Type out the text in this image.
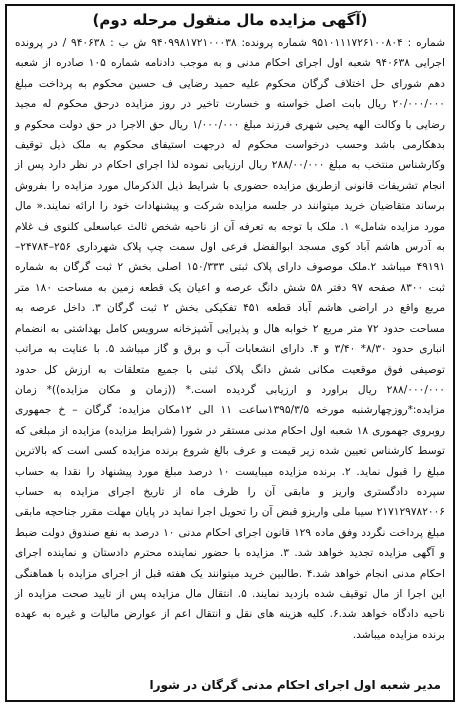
(آگهی مزایده مال منقول مرحله دوم)

شماره : ۹۵۱۰۱۱۱۷۲۶۱۰۰۸۰۴ شماره پرونده: ۹۴۰۹۹۸۱۷۲۱۰۰۰۳۸ ش ب : ۹۴۰۶۳۸ / در پرونده اجرایی ۹۴۰۶۳۸ شعبه اول اجرای احکام مدنی و به موجب دادنامه شماره ۱۰۵ صادره از شعبه دهم شورای حل اختلاف گرگان محکوم علیه حمید رضایی ف حسین محکوم به پرداخت مبلغ ۲۰/۰۰۰/۰۰۰ ریال بابت اصل خواسته و خسارت تاخیر در روز مزایده درحق محکوم له مجید رضایی با وکالت الهه یحیی شهری فرزند مبلغ ۱/۰۰۰/۰۰۰ ریال حق الاجرا در حق دولت محکوم و بدهکارمی باشد وحسب درخواست محکوم له درجهت استیفای محکوم به ملک ذیل توقیف وکارشناس منتخب به مبلغ ۲۸۸/۰۰/۰۰۰ ریال ارزیابی نموده لذا اجرای احکام در نظر دارد پس از انجام تشریفات قانونی ازطریق مزایده حضوری با شرایط ذیل الذکرمال مورد مزایده را بفروش برساند متقاضیان خرید میتوانند در جلسه مزایده شرکت و پیشنهادات خود را ارائه نمایند.« مال مورد مزایده شامل» ۱. ملک با توجه به تعرفه آن از ناحیه شخص ثالث عباسعلی کلنوی ف غلام به آدرس هاشم آباد کوی مسجد ابوالفضل فرعی اول سمت چپ پلاک شهرداری ۲۵۶–۲۴۷۸۴–۴۹۱۹۱ میباشد ۲.ملک موصوف دارای پلاک ثبتی ۱۵۰/۳۳۳ اصلی بخش ۲ ثبت گرگان به شماره ثبت ۸۳۰۰ صفحه ۹۷ دفتر ۵۸ شش دانگ عرصه و اعیان یک قطعه زمین به مساحت ۱۸۰ متر مربع واقع در اراضی هاشم آباد قطعه ۴۵۱ تفکیکی بخش ۲ ثبت گرگان ۳. داخل عرصه به مساحت حدود ۷۲ متر مربع ۲ خوابه هال و پذیرایی آشپزخانه سرویس کامل بهداشتی به انضمام انباری حدود ۸/۳۰* ۳/۴۰ و ۴. دارای انشعابات آب و برق و گاز میباشد ۵. با عنایت به مراتب توصیفی فوق موقعیت مکانی شش دانگ پلاک ثبتی با جمیع متعلقات به ارزش کل حدود ۲۸۸/۰۰۰/۰۰۰ ریال براورد و ارزیابی گردیده است.* ((زمان و مکان مزایده))* زمان مزایده:*روزچهارشنبه مورخه ۱۳۹۵/۳/۵ساعت ۱۱ الی ۱۲مکان مزایده: گرگان – خ جمهوری روبروی جهموری ۱۸ شعبه اول احکام مدنی مستقر در شورا (شرایط مزایده) مزایده از مبلغی که توسط کارشناس تعیین شده زیر قیمت و عرف بالغ شروع برنده مزایده کسی است که بالاترین مبلغ را قبول نماید. ۲. برنده مزایده میبایست ۱۰ درصد مبلغ مورد پیشنهاد را نقدا به حساب سپرده دادگستری واریز و مابقی آن را ظرف ماه از تاریخ اجرای مزایده به حساب ۲۱۷۱۲۹۷۸۲۰۰۶ سیبا ملی واریزو قبض آن را تحویل اجرا نماید در پایان مهلت مقرر جناحچه مابقی مبلغ پرداخت نگردد وفق ماده ۱۲۹ قانون اجرای احکام مدنی ۱۰ درصد به نفع صندوق دولت ضبط و آگهی مزایده تجدید خواهد شد. ۳. مزایده با حضور نماینده محترم دادستان و نماینده اجرای احکام مدنی انجام خواهد شد.۴ .طالبین خرید میتوانند یک هفته قبل از اجرای مزایده با هماهنگی این اجرا از مال توقیف شده بازدید نمایند. ۵. انتقال مال مزایده پس از تایید صحت مزایده از ناحیه دادگاه خواهد شد.۶. کلیه هزینه های نقل و انتقال اعم از عوارض مالیات و غیره به عهده برنده مزایده میباشد.

مدیر شعبه اول اجرای احکام مدنی گرگان در شورا
